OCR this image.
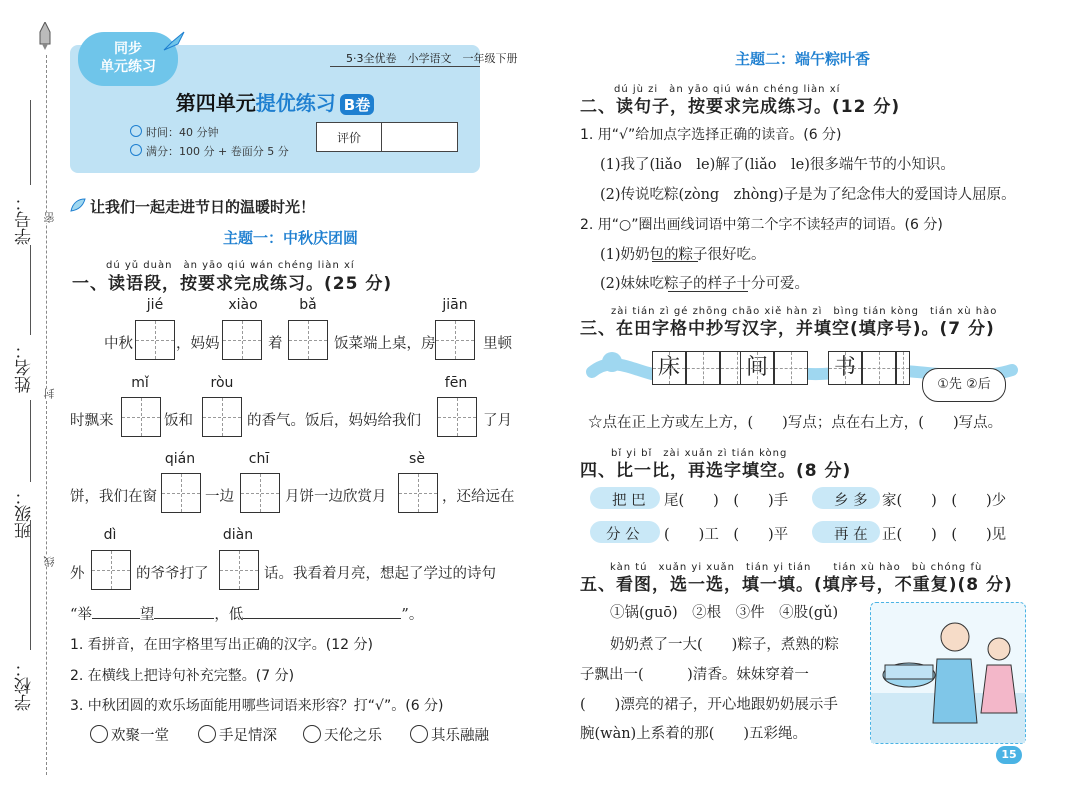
学号：
姓名：
班级：
学校：
密
封
线
第四单元提优练习 B卷
同步
单元练习
5·3全优卷　小学语文　一年级下册
时间：40 分钟
满分：100 分 + 卷面分 5 分
评价
让我们一起走进节日的温暖时光！
主题一：中秋庆团圆
dú yǔ duàn　àn yāo qiú wán chéng liàn xí
一、读语段，按要求完成练习。(25 分)
jié	xiào	bǎ	jiān
中秋	，妈妈	着	饭菜端上桌，房	里顿
mǐ	ròu	fēn
时飘来	饭和	的香气。饭后，妈妈给我们	了月
qián	chī	sè
饼，我们在窗	一边	月饼一边欣赏月	，还给远在
dì	diàn
外	的爷爷打了	话。我看着月亮，想起了学过的诗句
“举	望	，低	”。
1. 看拼音，在田字格里写出正确的汉字。(12 分)
2. 在横线上把诗句补充完整。(7 分)
3. 中秋团圆的欢乐场面能用哪些词语来形容？打“√”。(6 分)
欢聚一堂	手足情深	天伦之乐	其乐融融
主题二：端午粽叶香
dú jù zi　àn yāo qiú wán chéng liàn xí
二、读句子，按要求完成练习。(12 分)
1. 用“√”给加点字选择正确的读音。(6 分)
(1)我了(liǎo　le)解了(liǎo　le)很多端午节的小知识。
(2)传说吃粽(zòng　zhòng)子是为了纪念伟大的爱国诗人屈原。
2. 用“○”圈出画线词语中第二个字不读轻声的词语。(6 分)
(1)奶奶包的粽子很好吃。
(2)妹妹吃粽子的样子十分可爱。
zài tián zì gé zhōng chāo xiě hàn zì　bìng tián kòng　tián xù hào
三、在田字格中抄写汉字，并填空(填序号)。(7 分)
床	间	书
①先 ②后
☆点在正上方或左上方，(　　)写点；点在右上方，(　　)写点。
bǐ yi bǐ　zài xuǎn zì tián kòng
四、比一比，再选字填空。(8 分)
把 巴 尾(　　)　(　　)手	乡 多 家(　　)　(　　)少
分 公 (　　)工　(　　)平	再 在 正(　　)　(　　)见
kàn tú　xuǎn yi xuǎn　tián yi tián　　tián xù hào　bù chóng fù
五、看图，选一选，填一填。(填序号，不重复)(8 分)
①锅(guō)　②根　③件　④股(gǔ)
奶奶煮了一大(　　)粽子，煮熟的粽
子飘出一(　　　)清香。妹妹穿着一
(　　)漂亮的裙子，开心地跟奶奶展示手
腕(wàn)上系着的那(　　)五彩绳。
15
